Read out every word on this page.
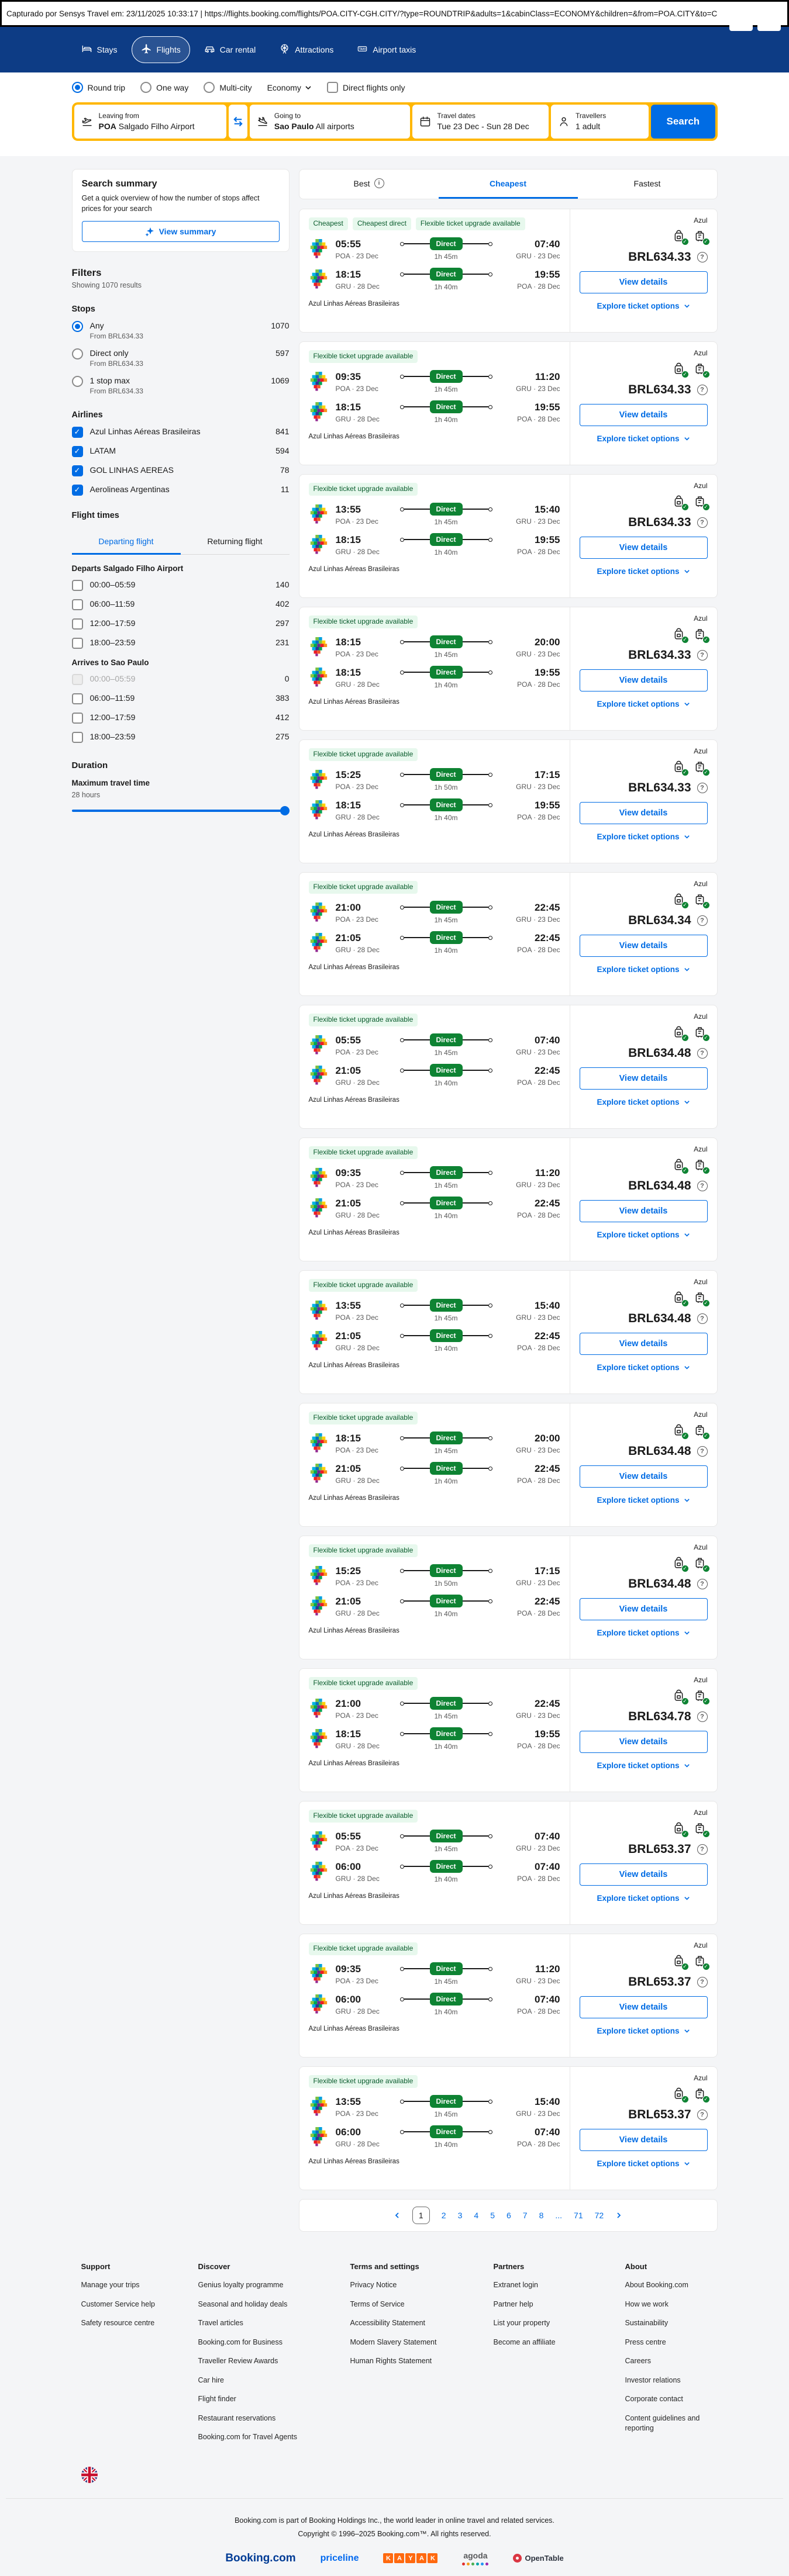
Capturado por Sensys Travel em: 23/11/2025 10:33:17 | https://flights.booking.com/flights/POA.CITY-CGH.CITY/?type=ROUNDTRIP&adults=1&cabinClass=ECONOMY&children=&from=POA.CITY&to=C
Stays	Flights	Car rental	Attractions	TAXI Airport taxis
Round trip	One way	Multi-city Economy	Direct flights only
Leaving from
POA Salgado Filho Airport
Going to
Sao Paulo All airports
Travel dates
Tue 23 Dec - Sun 28 Dec
Travellers
1 adult	Search
Search summary

Get a quick overview of how the number of stops affect prices for your search

View summary
Filters
Showing 1070 results
Stops
Any
From BRL634.33
1070
Direct only
From BRL634.33
597
1 stop max
From BRL634.33
1069
Airlines
✓
Azul Linhas Aéreas Brasileiras	841
✓
LATAM	594
✓
GOL LINHAS AEREAS	78
✓
Aerolineas Argentinas	11
Flight times
Departing flight	Returning flight
Departs Salgado Filho Airport
00:00–05:59	140
06:00–11:59	402
12:00–17:59	297
18:00–23:59	231
Arrives to Sao Paulo
00:00–05:59	0
06:00–11:59	383
12:00–17:59	412
18:00–23:59	275
Duration
Maximum travel time
28 hours
Best	i	Cheapest	Fastest
Cheapest	Cheapest direct	Flexible ticket upgrade available
05:55
POA · 23 Dec
Direct
1h 45m
07:40
GRU · 23 Dec
18:15
GRU · 28 Dec
Direct
1h 40m
19:55
POA · 28 Dec
Azul Linhas Aéreas Brasileiras
Azul
✓	✓
BRL634.33	?
View details
Explore ticket options
Flexible ticket upgrade available
09:35
POA · 23 Dec
Direct
1h 45m
11:20
GRU · 23 Dec
18:15
GRU · 28 Dec
Direct
1h 40m
19:55
POA · 28 Dec
Azul Linhas Aéreas Brasileiras
Azul
✓	✓
BRL634.33	?
View details
Explore ticket options
Flexible ticket upgrade available
13:55
POA · 23 Dec
Direct
1h 45m
15:40
GRU · 23 Dec
18:15
GRU · 28 Dec
Direct
1h 40m
19:55
POA · 28 Dec
Azul Linhas Aéreas Brasileiras
Azul
✓	✓
BRL634.33	?
View details
Explore ticket options
Flexible ticket upgrade available
18:15
POA · 23 Dec
Direct
1h 45m
20:00
GRU · 23 Dec
18:15
GRU · 28 Dec
Direct
1h 40m
19:55
POA · 28 Dec
Azul Linhas Aéreas Brasileiras
Azul
✓	✓
BRL634.33	?
View details
Explore ticket options
Flexible ticket upgrade available
15:25
POA · 23 Dec
Direct
1h 50m
17:15
GRU · 23 Dec
18:15
GRU · 28 Dec
Direct
1h 40m
19:55
POA · 28 Dec
Azul Linhas Aéreas Brasileiras
Azul
✓	✓
BRL634.33	?
View details
Explore ticket options
Flexible ticket upgrade available
21:00
POA · 23 Dec
Direct
1h 45m
22:45
GRU · 23 Dec
21:05
GRU · 28 Dec
Direct
1h 40m
22:45
POA · 28 Dec
Azul Linhas Aéreas Brasileiras
Azul
✓	✓
BRL634.34	?
View details
Explore ticket options
Flexible ticket upgrade available
05:55
POA · 23 Dec
Direct
1h 45m
07:40
GRU · 23 Dec
21:05
GRU · 28 Dec
Direct
1h 40m
22:45
POA · 28 Dec
Azul Linhas Aéreas Brasileiras
Azul
✓	✓
BRL634.48	?
View details
Explore ticket options
Flexible ticket upgrade available
09:35
POA · 23 Dec
Direct
1h 45m
11:20
GRU · 23 Dec
21:05
GRU · 28 Dec
Direct
1h 40m
22:45
POA · 28 Dec
Azul Linhas Aéreas Brasileiras
Azul
✓	✓
BRL634.48	?
View details
Explore ticket options
Flexible ticket upgrade available
13:55
POA · 23 Dec
Direct
1h 45m
15:40
GRU · 23 Dec
21:05
GRU · 28 Dec
Direct
1h 40m
22:45
POA · 28 Dec
Azul Linhas Aéreas Brasileiras
Azul
✓	✓
BRL634.48	?
View details
Explore ticket options
Flexible ticket upgrade available
18:15
POA · 23 Dec
Direct
1h 45m
20:00
GRU · 23 Dec
21:05
GRU · 28 Dec
Direct
1h 40m
22:45
POA · 28 Dec
Azul Linhas Aéreas Brasileiras
Azul
✓	✓
BRL634.48	?
View details
Explore ticket options
Flexible ticket upgrade available
15:25
POA · 23 Dec
Direct
1h 50m
17:15
GRU · 23 Dec
21:05
GRU · 28 Dec
Direct
1h 40m
22:45
POA · 28 Dec
Azul Linhas Aéreas Brasileiras
Azul
✓	✓
BRL634.48	?
View details
Explore ticket options
Flexible ticket upgrade available
21:00
POA · 23 Dec
Direct
1h 45m
22:45
GRU · 23 Dec
18:15
GRU · 28 Dec
Direct
1h 40m
19:55
POA · 28 Dec
Azul Linhas Aéreas Brasileiras
Azul
✓	✓
BRL634.78	?
View details
Explore ticket options
Flexible ticket upgrade available
05:55
POA · 23 Dec
Direct
1h 45m
07:40
GRU · 23 Dec
06:00
GRU · 28 Dec
Direct
1h 40m
07:40
POA · 28 Dec
Azul Linhas Aéreas Brasileiras
Azul
✓	✓
BRL653.37	?
View details
Explore ticket options
Flexible ticket upgrade available
09:35
POA · 23 Dec
Direct
1h 45m
11:20
GRU · 23 Dec
06:00
GRU · 28 Dec
Direct
1h 40m
07:40
POA · 28 Dec
Azul Linhas Aéreas Brasileiras
Azul
✓	✓
BRL653.37	?
View details
Explore ticket options
Flexible ticket upgrade available
13:55
POA · 23 Dec
Direct
1h 45m
15:40
GRU · 23 Dec
06:00
GRU · 28 Dec
Direct
1h 40m
07:40
POA · 28 Dec
Azul Linhas Aéreas Brasileiras
Azul
✓	✓
BRL653.37	?
View details
Explore ticket options
1	2 3 4 5 6 7 8 ... 71 72
Support
Manage your trips
Customer Service help
Safety resource centre
Discover
Genius loyalty programme
Seasonal and holiday deals
Travel articles
Booking.com for Business
Traveller Review Awards
Car hire
Flight finder
Restaurant reservations
Booking.com for Travel Agents
Terms and settings
Privacy Notice
Terms of Service
Accessibility Statement
Modern Slavery Statement
Human Rights Statement
Partners
Extranet login
Partner help
List your property
Become an affiliate
About
About Booking.com
How we work
Sustainability
Press centre
Careers
Investor relations
Corporate contact
Content guidelines and reporting
Booking.com is part of Booking Holdings Inc., the world leader in online travel and related services.
Copyright © 1996–2025 Booking.com™. All rights reserved.
Booking.com	priceline	K	A	Y	A	K	agoda	OpenTable
